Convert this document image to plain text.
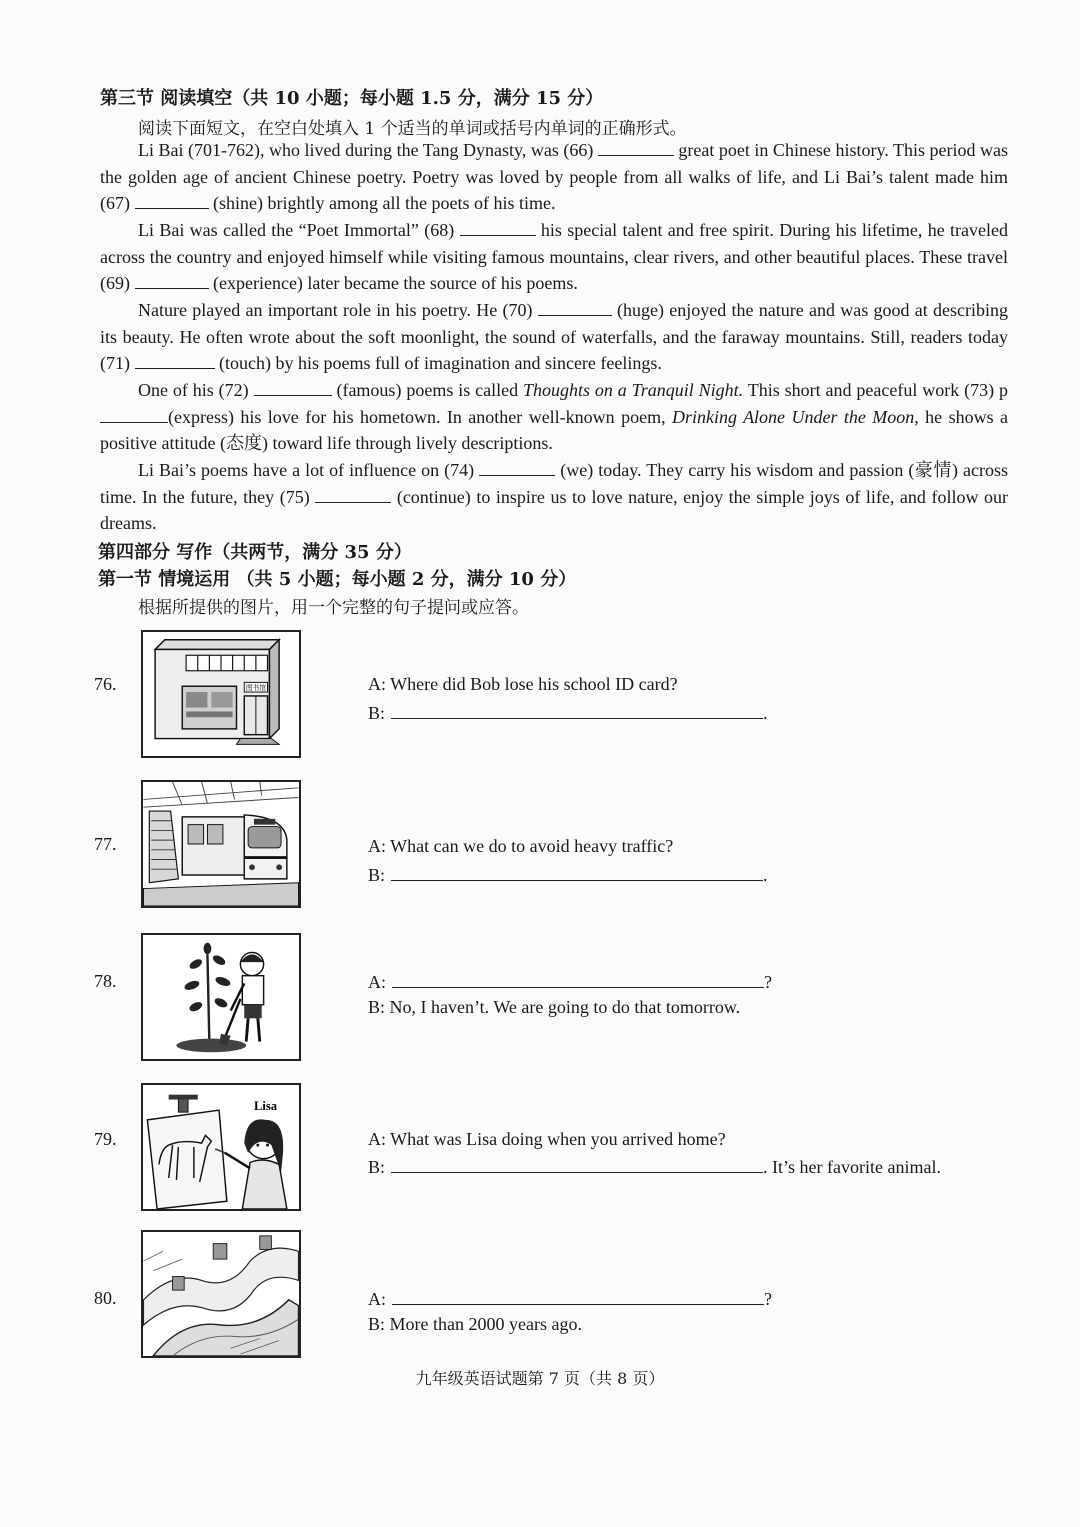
第三节 阅读填空（共 10 小题；每小题 1.5 分，满分 15 分）
阅读下面短文，在空白处填入 1 个适当的单词或括号内单词的正确形式。
Li Bai (701-762), who lived during the Tang Dynasty, was (66)	great poet in Chinese history. This period was the golden age of ancient Chinese poetry. Poetry was loved by people from all walks of life, and Li Bai’s talent made him (67)	(shine) brightly among all the poets of his time.
Li Bai was called the “Poet Immortal” (68)	his special talent and free spirit. During his lifetime, he traveled across the country and enjoyed himself while visiting famous mountains, clear rivers, and other beautiful places. These travel (69)	(experience) later became the source of his poems.
Nature played an important role in his poetry. He (70)	(huge) enjoyed the nature and was good at describing its beauty. He often wrote about the soft moonlight, the sound of waterfalls, and the faraway mountains. Still, readers today (71)	(touch) by his poems full of imagination and sincere feelings.
One of his (72)	(famous) poems is called Thoughts on a Tranquil Night. This short and peaceful work (73) p(express) his love for his hometown. In another well-known poem, Drinking Alone Under the Moon, he shows a positive attitude (态度) toward life through lively descriptions.
Li Bai’s poems have a lot of influence on (74)	(we) today. They carry his wisdom and passion (豪情) across time. In the future, they (75)	(continue) to inspire us to love nature, enjoy the simple joys of life, and follow our dreams.
第四部分 写作（共两节，满分 35 分）
第一节 情境运用 （共 5 小题；每小题 2 分，满分 10 分）
根据所提供的图片，用一个完整的句子提问或应答。
76.	图书馆	A: Where did Bob lose his school ID card?
B:	.
77.	A: What can we do to avoid heavy traffic?
B:	.
78.	A:	?
B: No, I haven’t. We are going to do that tomorrow.
79.
Lisa
A: What was Lisa doing when you arrived home?
B:	. It’s her favorite animal.
80.	A:	?
B: More than 2000 years ago.
九年级英语试题第 7 页（共 8 页）
